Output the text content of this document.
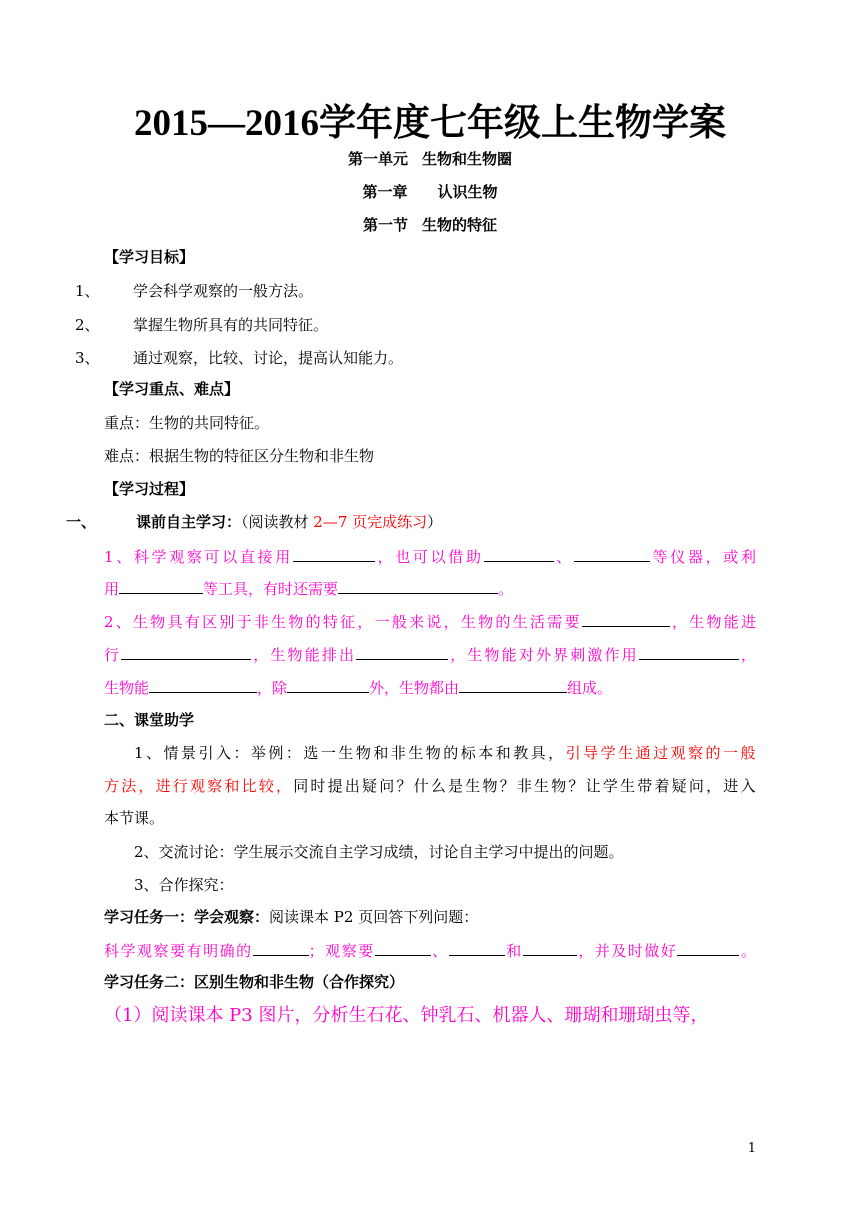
2015—2016学年度七年级上生物学案
第一单元 生物和生物圈
第一章 认识生物
第一节 生物的特征
【学习目标】
1、 学会科学观察的一般方法。
2、 掌握生物所具有的共同特征。
3、 通过观察，比较、讨论，提高认知能力。
【学习重点、难点】
重点：生物的共同特征。
难点：根据生物的特征区分生物和非生物
【学习过程】
一、	课前自主学习：（阅读教材 2—7 页完成练习）
1、科学观察可以直接用	，也可以借助	、	等仪器，或利
用	等工具，有时还需要	。
2、生物具有区别于非生物的特征，一般来说，生物的生活需要	，生物能进
行	，生物能排出	，生物能对外界刺激作用	，
生物能	，除	外，生物都由	组成。
二、课堂助学
1、情景引入：举例：选一生物和非生物的标本和教具，引导学生通过观察的一般
方法，进行观察和比较，同时提出疑问？什么是生物？非生物？让学生带着疑问，进入
本节课。
2、交流讨论：学生展示交流自主学习成绩，讨论自主学习中提出的问题。
3、合作探究：
学习任务一：学会观察：阅读课本 P2 页回答下列问题：
科学观察要有明确的	；观察要	、	和	，并及时做好	。
学习任务二：区别生物和非生物（合作探究）
（1）阅读课本 P3 图片，分析生石花、钟乳石、机器人、珊瑚和珊瑚虫等，
1
